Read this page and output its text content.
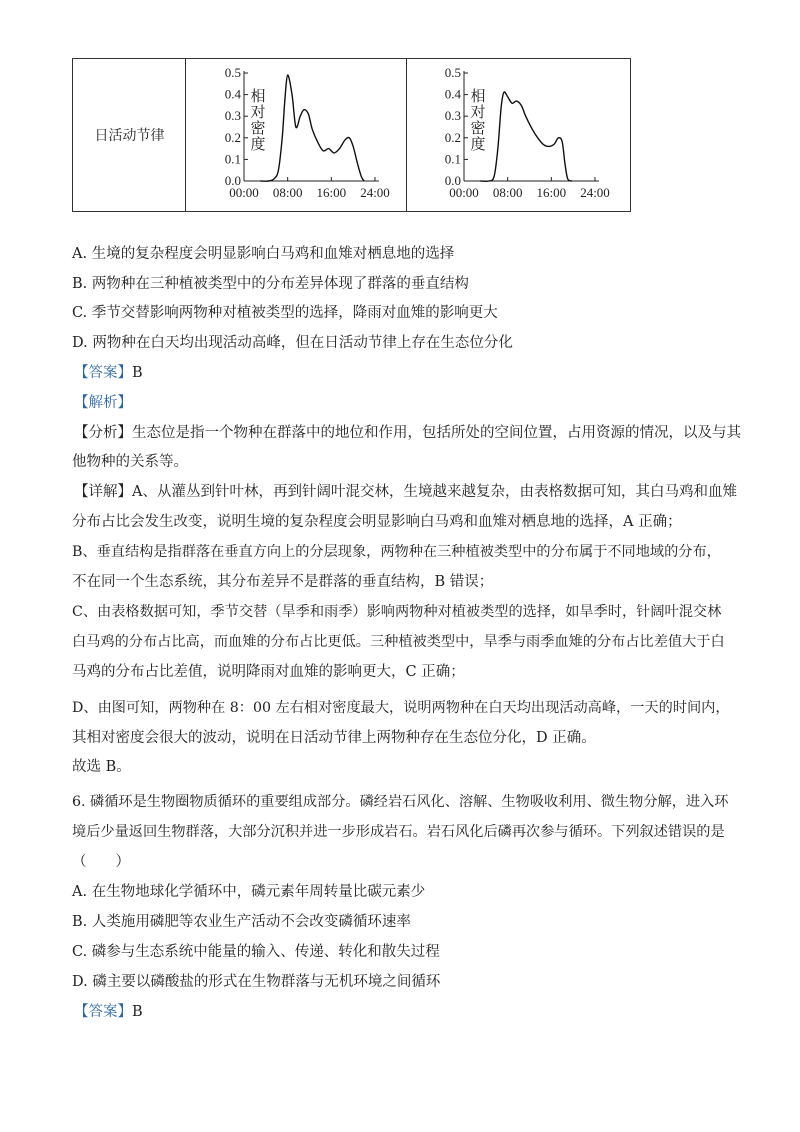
日活动节律
0.0
0.1
0.2
0.3
0.4
0.5
00:00 08:00 16:00 24:00
相
对
密
度
0.0
0.1
0.2
0.3
0.4
0.5
00:00 08:00 16:00 24:00
相
对
密
度
A. 生境的复杂程度会明显影响白马鸡和血雉对栖息地的选择
B. 两物种在三种植被类型中的分布差异体现了群落的垂直结构
C. 季节交替影响两物种对植被类型的选择，降雨对血雉的影响更大
D. 两物种在白天均出现活动高峰，但在日活动节律上存在生态位分化
【答案】B
【解析】
【分析】生态位是指一个物种在群落中的地位和作用，包括所处的空间位置，占用资源的情况，以及与其
他物种的关系等。
【详解】A、从灌丛到针叶林，再到针阔叶混交林，生境越来越复杂，由表格数据可知，其白马鸡和血雉
分布占比会发生改变，说明生境的复杂程度会明显影响白马鸡和血雉对栖息地的选择，A 正确；
B、垂直结构是指群落在垂直方向上的分层现象，两物种在三种植被类型中的分布属于不同地域的分布，
不在同一个生态系统，其分布差异不是群落的垂直结构，B 错误；
C、由表格数据可知，季节交替（旱季和雨季）影响两物种对植被类型的选择，如旱季时，针阔叶混交林
白马鸡的分布占比高，而血雉的分布占比更低。三种植被类型中，旱季与雨季血雉的分布占比差值大于白
马鸡的分布占比差值，说明降雨对血雉的影响更大，C 正确；
D、由图可知，两物种在 8：00 左右相对密度最大，说明两物种在白天均出现活动高峰，一天的时间内，
其相对密度会很大的波动，说明在日活动节律上两物种存在生态位分化，D 正确。
故选 B。
6. 磷循环是生物圈物质循环的重要组成部分。磷经岩石风化、溶解、生物吸收利用、微生物分解，进入环
境后少量返回生物群落，大部分沉积并进一步形成岩石。岩石风化后磷再次参与循环。下列叙述错误的是
（　　）
A. 在生物地球化学循环中，磷元素年周转量比碳元素少
B. 人类施用磷肥等农业生产活动不会改变磷循环速率
C. 磷参与生态系统中能量的输入、传递、转化和散失过程
D. 磷主要以磷酸盐的形式在生物群落与无机环境之间循环
【答案】B
